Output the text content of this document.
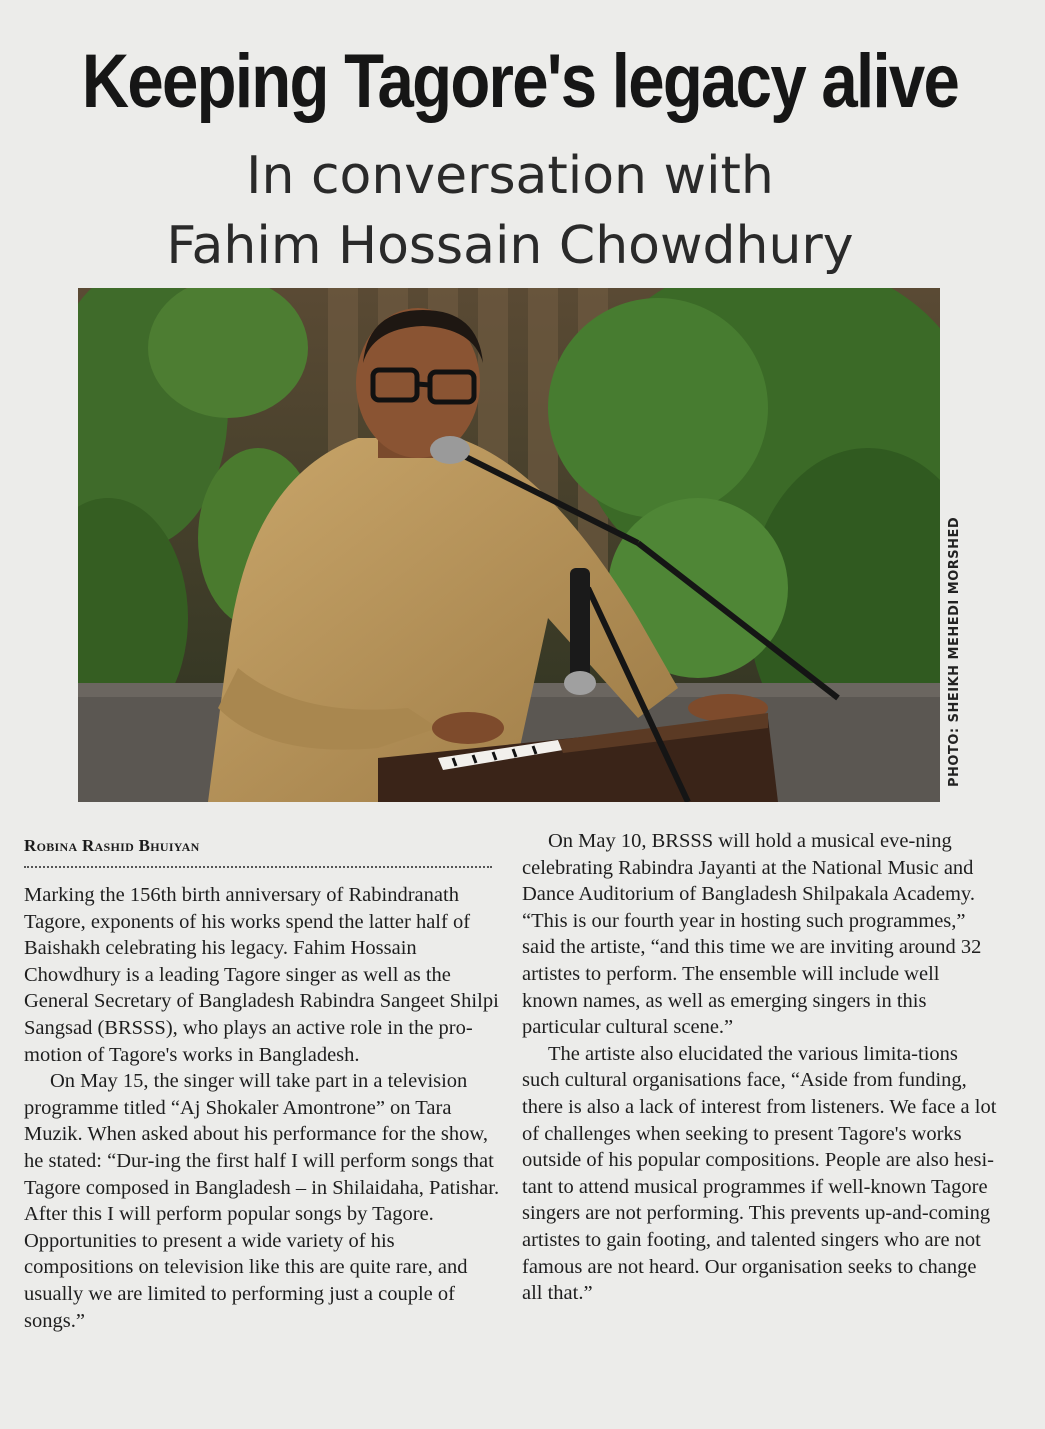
Keeping Tagore's legacy alive
In conversation with
Fahim Hossain Chowdhury
PHOTO: SHEIKH MEHEDI MORSHED
Robina Rashid Bhuiyan

Marking the 156th birth anniversary of Rabindranath Tagore, exponents of his works spend the latter half of Baishakh celebrating his legacy. Fahim Hossain Chowdhury is a leading Tagore singer as well as the General Secretary of Bangladesh Rabindra Sangeet Shilpi Sangsad (BRSSS), who plays an active role in the pro-motion of Tagore's works in Bangladesh.

On May 15, the singer will take part in a television programme titled “Aj Shokaler Amontrone” on Tara Muzik. When asked about his performance for the show, he stated: “Dur-ing the first half I will perform songs that Tagore composed in Bangladesh – in Shilaidaha, Patishar. After this I will perform popular songs by Tagore. Opportunities to present a wide variety of his compositions on television like this are quite rare, and usually we are limited to performing just a couple of songs.”

On May 10, BRSSS will hold a musical eve-ning celebrating Rabindra Jayanti at the National Music and Dance Auditorium of Bangladesh Shilpakala Academy. “This is our fourth year in hosting such programmes,” said the artiste, “and this time we are inviting around 32 artistes to perform. The ensemble will include well known names, as well as emerging singers in this particular cultural scene.”

The artiste also elucidated the various limita-tions such cultural organisations face, “Aside from funding, there is also a lack of interest from listeners. We face a lot of challenges when seeking to present Tagore's works outside of his popular compositions. People are also hesi-tant to attend musical programmes if well-known Tagore singers are not performing. This prevents up-and-coming artistes to gain footing, and talented singers who are not famous are not heard. Our organisation seeks to change all that.”
